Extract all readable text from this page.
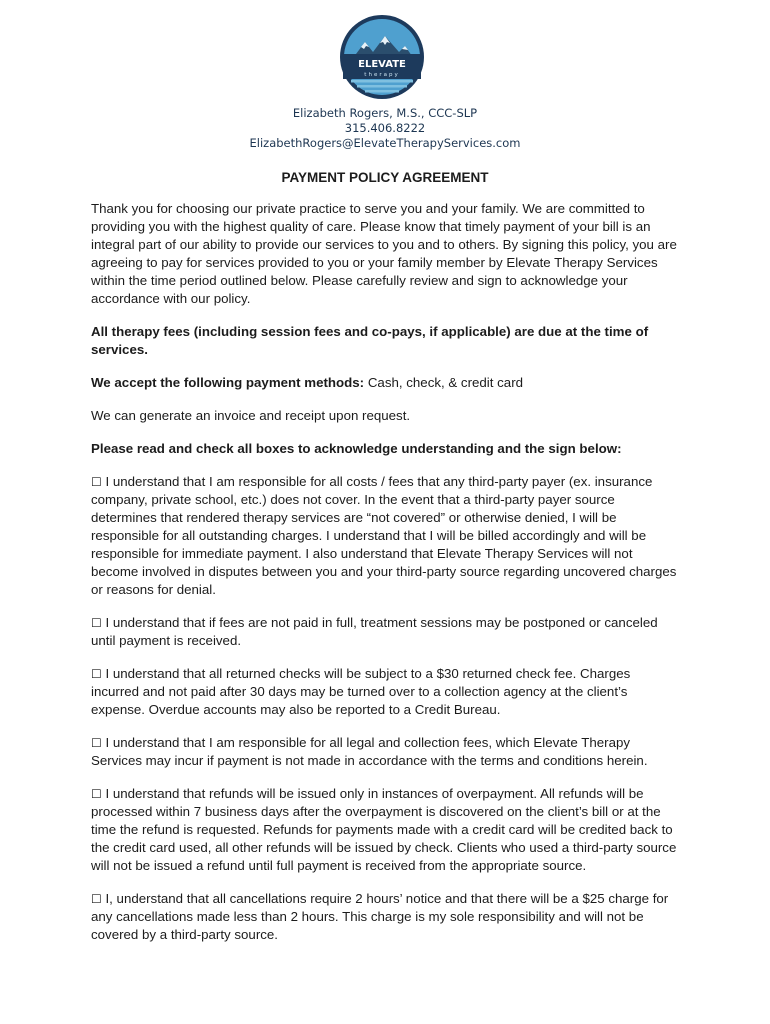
ELEVATE
therapy
Elizabeth Rogers, M.S., CCC-SLP
315.406.8222
ElizabethRogers@ElevateTherapyServices.com
PAYMENT POLICY AGREEMENT

Thank you for choosing our private practice to serve you and your family. We are committed to providing you with the highest quality of care. Please know that timely payment of your bill is an integral part of our ability to provide our services to you and to others. By signing this policy, you are agreeing to pay for services provided to you or your family member by Elevate Therapy Services within the time period outlined below. Please carefully review and sign to acknowledge your accordance with our policy.

All therapy fees (including session fees and co-pays, if applicable) are due at the time of services.

We accept the following payment methods: Cash, check, & credit card

We can generate an invoice and receipt upon request.

Please read and check all boxes to acknowledge understanding and the sign below:

☐ I understand that I am responsible for all costs / fees that any third-party payer (ex. insurance company, private school, etc.) does not cover. In the event that a third-party payer source determines that rendered therapy services are “not covered” or otherwise denied, I will be responsible for all outstanding charges. I understand that I will be billed accordingly and will be responsible for immediate payment. I also understand that Elevate Therapy Services will not become involved in disputes between you and your third-party source regarding uncovered charges or reasons for denial.

☐ I understand that if fees are not paid in full, treatment sessions may be postponed or canceled until payment is received.

☐ I understand that all returned checks will be subject to a $30 returned check fee. Charges incurred and not paid after 30 days may be turned over to a collection agency at the client’s expense. Overdue accounts may also be reported to a Credit Bureau.

☐ I understand that I am responsible for all legal and collection fees, which Elevate Therapy Services may incur if payment is not made in accordance with the terms and conditions herein.

☐ I understand that refunds will be issued only in instances of overpayment. All refunds will be processed within 7 business days after the overpayment is discovered on the client’s bill or at the time the refund is requested. Refunds for payments made with a credit card will be credited back to the credit card used, all other refunds will be issued by check. Clients who used a third-party source will not be issued a refund until full payment is received from the appropriate source.

☐ I, understand that all cancellations require 2 hours’ notice and that there will be a $25 charge for any cancellations made less than 2 hours. This charge is my sole responsibility and will not be covered by a third-party source.
